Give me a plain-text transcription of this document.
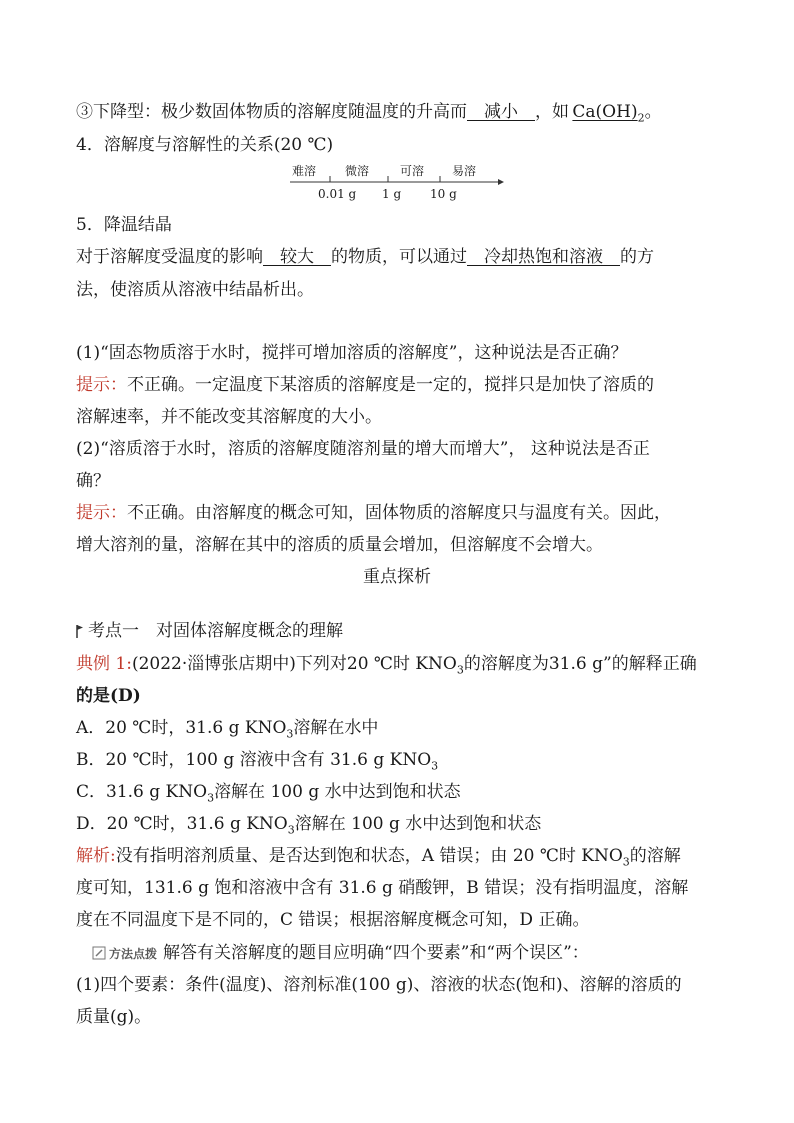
③下降型：极少数固体物质的溶解度随温度的升高而　 减小　 ，如  $Ca(OH)_2$。
4．溶解度与溶解性的关系(20 ℃)
难溶 微溶	可溶 易溶
0.01 g 1 g 10 g
5．降温结晶
对于溶解度受温度的影响   较大   的物质，可以通过   冷却热饱和溶液   的方
法，使溶质从溶液中结晶析出。
(1)“固态物质溶于水时，搅拌可增加溶质的溶解度”，这种说法是否正确？
提示：不正确。一定温度下某溶质的溶解度是一定的，搅拌只是加快了溶质的
溶解速率，并不能改变其溶解度的大小。
(2)“溶质溶于水时，溶质的溶解度随溶剂量的增大而增大”， 这种说法是否正
确？
提示：不正确。由溶解度的概念可知，固体物质的溶解度只与温度有关。因此，
增大溶剂的量，溶解在其中的溶质的质量会增加，但溶解度不会增大。
重点探析
考点一　对固体溶解度概念的理解
典例 1:(2022·淄博张店期中)下列对20 ℃时 $KNO_3$的溶解度为31.6 g”的解释正确
的是(D)
A．20 ℃时，31.6 g $KNO_3$溶解在水中
B．20 ℃时，100 g 溶液中含有 31.6 g $KNO_3$
C．31.6 g $KNO_3$溶解在 100 g 水中达到饱和状态
D．20 ℃时，31.6 g $KNO_3$溶解在 100 g 水中达到饱和状态
解析:没有指明溶剂质量、是否达到饱和状态，A 错误；由 20 ℃时 $KNO_3$的溶解
度可知，131.6 g 饱和溶液中含有 31.6 g 硝酸钾，B 错误；没有指明温度，溶解
度在不同温度下是不同的，C 错误；根据溶解度概念可知，D 正确。
方法点拨 解答有关溶解度的题目应明确“四个要素”和“两个误区”：
(1)四个要素：条件(温度)、溶剂标准(100 g)、溶液的状态(饱和)、溶解的溶质的
质量(g)。
